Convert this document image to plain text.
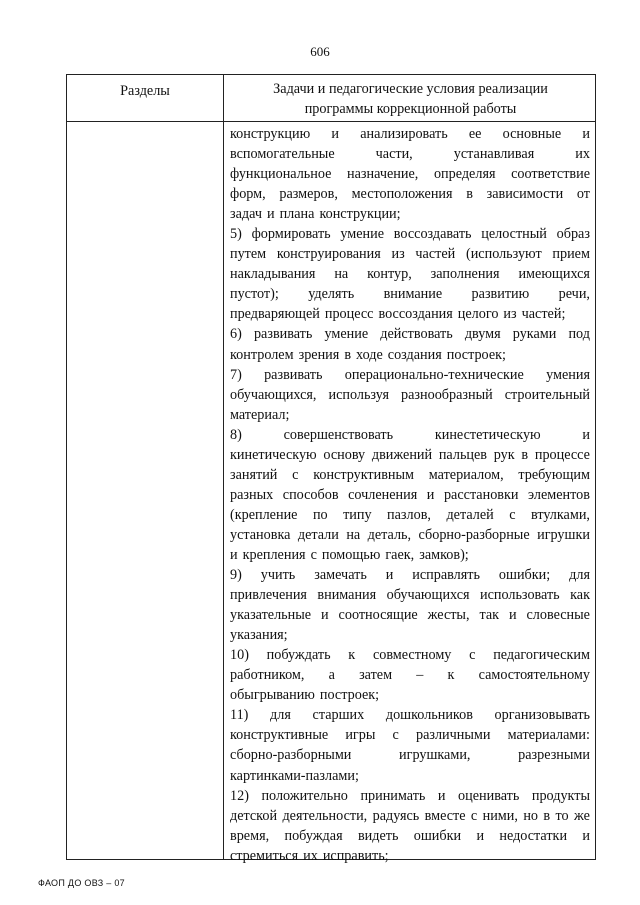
606
Разделы	Задачи и педагогические условия реализации
программы коррекционной работы
конструкцию и анализировать ее основные и
вспомогательные	части,	устанавливая	их
функциональное назначение, определяя соответствие
форм, размеров, местоположения в зависимости от
задач и плана конструкции;
5) формировать умение воссоздавать целостный образ
путем конструирования из частей (используют прием
накладывания на контур, заполнения имеющихся
пустот); уделять внимание развитию речи,
предваряющей процесс воссоздания целого из частей;
6) развивать умение действовать двумя руками под
контролем зрения в ходе создания построек;
7) развивать операционально-технические умения
обучающихся, используя разнообразный строительный
материал;
8)	совершенствовать	кинестетическую	и
кинетическую основу движений пальцев рук в процессе
занятий с конструктивным материалом, требующим
разных способов сочленения и расстановки элементов
(крепление по типу пазлов, деталей с втулками,
установка детали на деталь, сборно-разборные игрушки
и крепления с помощью гаек, замков);
9) учить замечать и исправлять ошибки; для
привлечения внимания обучающихся использовать как
указательные и соотносящие жесты, так и словесные
указания;
10) побуждать к совместному с педагогическим
работником, а затем – к самостоятельному
обыгрыванию построек;
11) для старших дошкольников организовывать
конструктивные игры с различными материалами:
сборно-разборными	игрушками,	разрезными
картинками-пазлами;
12) положительно принимать и оценивать продукты
детской деятельности, радуясь вместе с ними, но в то же
время, побуждая видеть ошибки и недостатки и
стремиться их исправить;
ФАОП ДО ОВЗ – 07
